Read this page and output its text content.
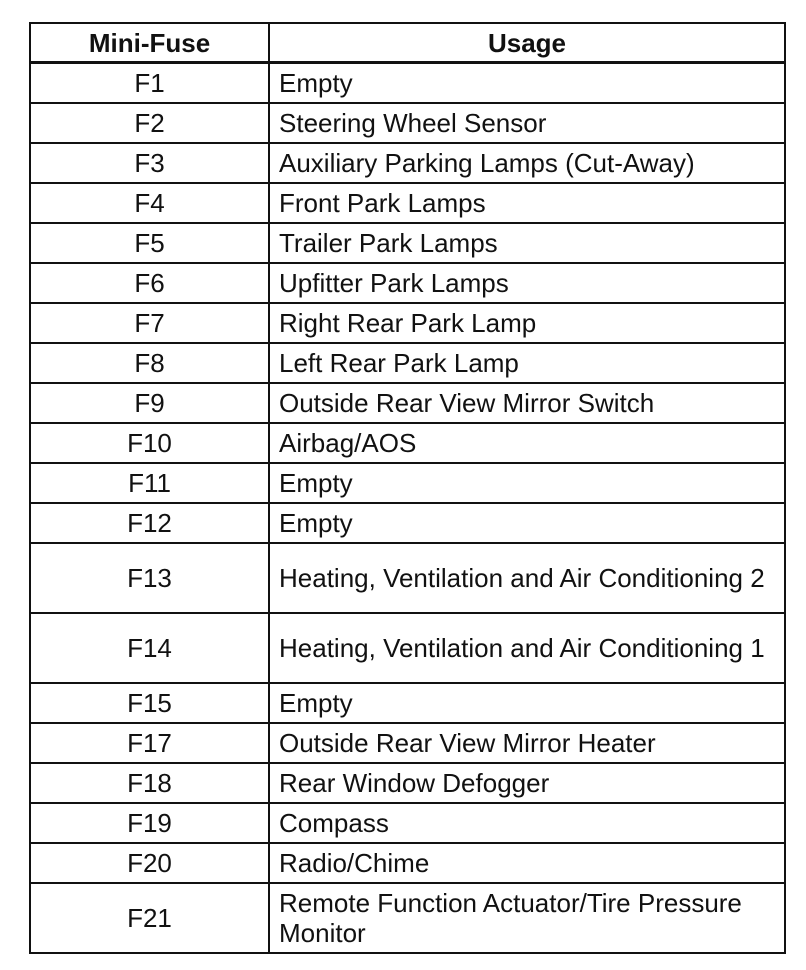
Mini-Fuse	Usage
F1	Empty
F2	Steering Wheel Sensor
F3	Auxiliary Parking Lamps (Cut-Away)
F4	Front Park Lamps
F5	Trailer Park Lamps
F6	Upfitter Park Lamps
F7	Right Rear Park Lamp
F8	Left Rear Park Lamp
F9	Outside Rear View Mirror Switch
F10	Airbag/AOS
F11	Empty
F12	Empty
F13	Heating, Ventilation and Air Conditioning 2
F14	Heating, Ventilation and Air Conditioning 1
F15	Empty
F17	Outside Rear View Mirror Heater
F18	Rear Window Defogger
F19	Compass
F20	Radio/Chime
F21	Remote Function Actuator/Tire Pressure Monitor
